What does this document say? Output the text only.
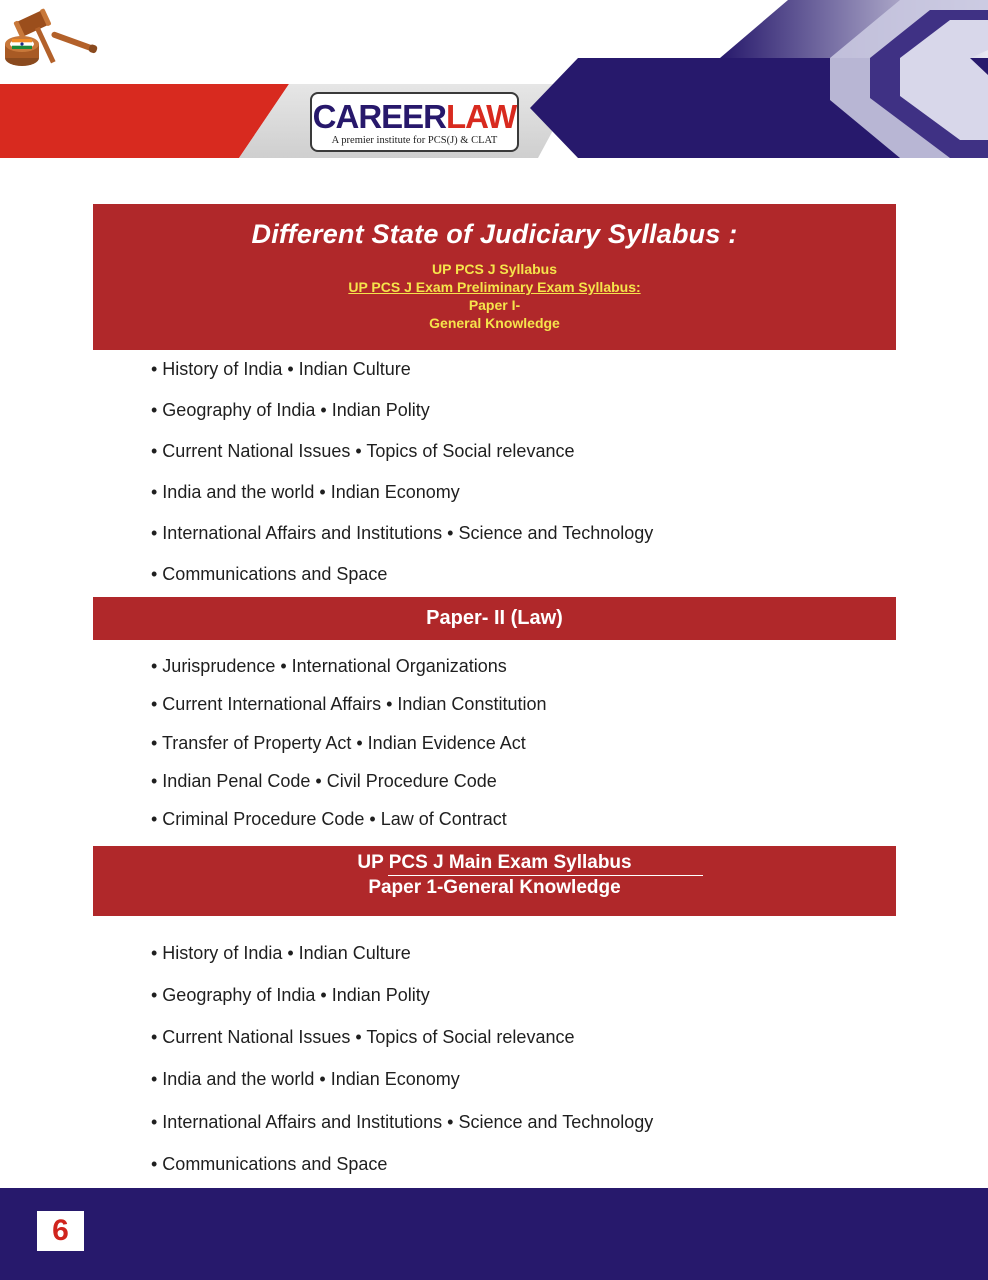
CAREERLAW
A premier institute for PCS(J) & CLAT
Different State of Judiciary Syllabus :
UP PCS J Syllabus
UP PCS J Exam Preliminary Exam Syllabus:
Paper I-
General Knowledge
• History of India • Indian Culture
• Geography of India • Indian Polity
• Current National Issues • Topics of Social relevance
• India and the world • Indian Economy
• International Affairs and Institutions • Science and Technology
• Communications and Space
Paper- II (Law)
• Jurisprudence • International Organizations
• Current International Affairs • Indian Constitution
• Transfer of Property Act • Indian Evidence Act
• Indian Penal Code • Civil Procedure Code
• Criminal Procedure Code • Law of Contract
UP PCS J Main Exam Syllabus
Paper 1-General Knowledge
• History of India • Indian Culture
• Geography of India • Indian Polity
• Current National Issues • Topics of Social relevance
• India and the world • Indian Economy
• International Affairs and Institutions • Science and Technology
• Communications and Space
6
